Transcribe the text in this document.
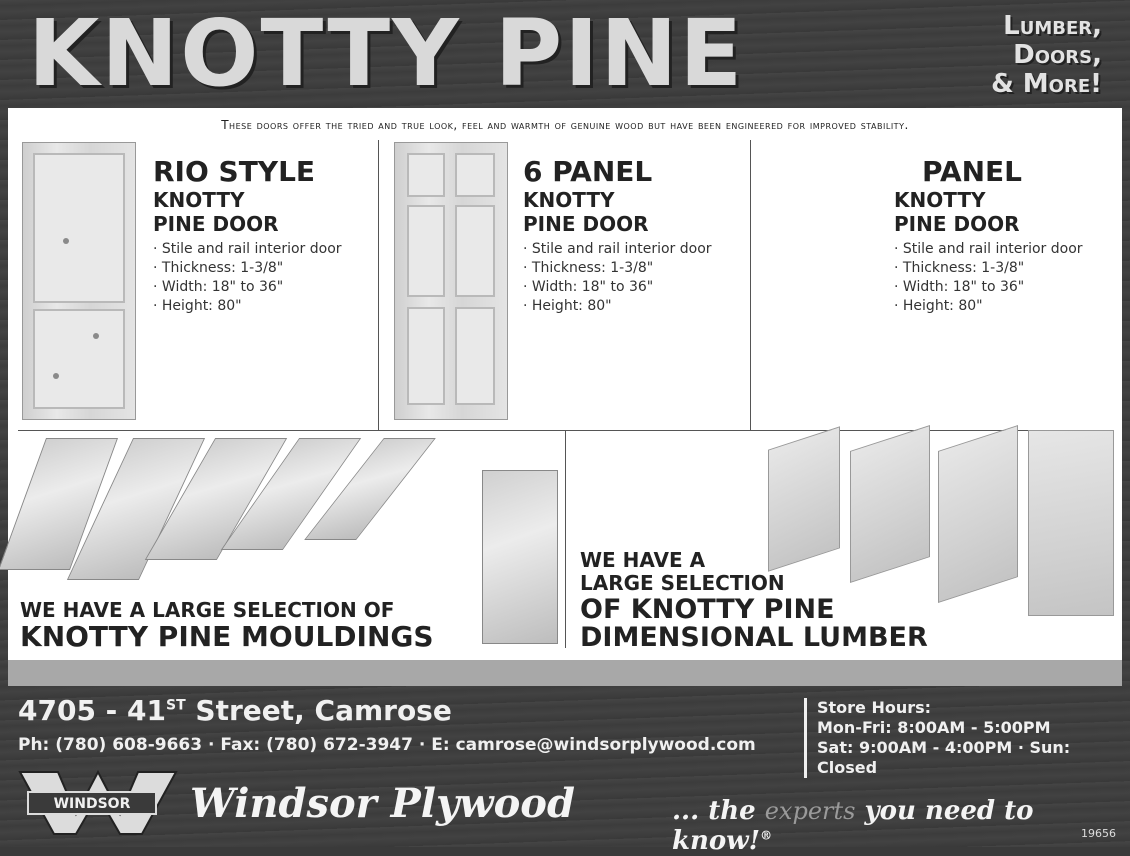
KNOTTY PINE	Lumber,
Doors,
& More!
These doors offer the tried and true look, feel and warmth of genuine wood but have been engineered for improved stability.
RIO STYLE
KNOTTY
PINE DOOR
· Stile and rail interior door
· Thickness: 1-3/8"
· Width: 18" to 36"
· Height: 80"
6 PANEL
KNOTTY
PINE DOOR
· Stile and rail interior door
· Thickness: 1-3/8"
· Width: 18" to 36"
· Height: 80"
PANEL
KNOTTY
PINE DOOR
· Stile and rail interior door
· Thickness: 1-3/8"
· Width: 18" to 36"
· Height: 80"
WE HAVE A LARGE SELECTION OF
KNOTTY PINE MOULDINGS
WE HAVE A
LARGE SELECTION
OF KNOTTY PINE
DIMENSIONAL LUMBER
4705 - 41ST Street, Camrose
Ph: (780) 608-9663 · Fax: (780) 672-3947 · E: camrose@windsorplywood.com
Store Hours:
Mon-Fri: 8:00AM - 5:00PM
Sat: 9:00AM - 4:00PM · Sun: Closed
WINDSOR Windsor Plywood	... the experts you need to know!®	19656
